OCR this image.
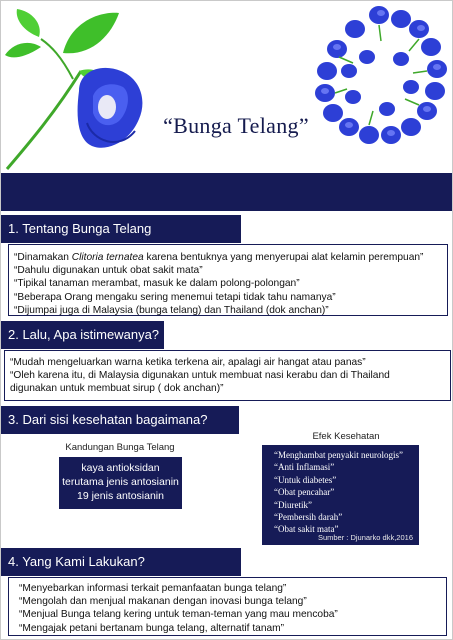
“Bunga Telang”
1. Tentang Bunga Telang

“Dinamakan Clitoria ternatea karena bentuknya yang menyerupai alat kelamin perempuan”

“Dahulu digunakan untuk obat sakit mata”

“Tipikal tanaman merambat, masuk ke dalam polong-polongan”

“Beberapa Orang mengaku sering menemui tetapi tidak tahu namanya”

“Dijumpai juga di Malaysia (bunga telang) dan Thailand (dok anchan)”

2. Lalu, Apa istimewanya?

“Mudah mengeluarkan warna ketika terkena air, apalagi air hangat atau panas”

“Oleh karena itu, di Malaysia digunakan untuk membuat nasi kerabu dan di Thailand

digunakan untuk membuat sirup ( dok anchan)”

3. Dari sisi kesehatan bagaimana?
Kandungan Bunga Telang

kaya antioksidan

terutama jenis antosianin

19 jenis antosianin

Efek Kesehatan

“Menghambat penyakit neurologis”

“Anti Inflamasi”

“Untuk diabetes”

“Obat pencahar”

“Diuretik”

“Pembersih darah”

“Obat sakit mata”

Sumber : Djunarko dkk,2016
4. Yang Kami Lakukan?

“Menyebarkan informasi terkait pemanfaatan bunga telang”

“Mengolah dan menjual makanan dengan inovasi bunga telang”

“Menjual Bunga telang kering untuk teman-teman yang mau mencoba”

“Mengajak petani bertanam bunga telang, alternatif tanam”
